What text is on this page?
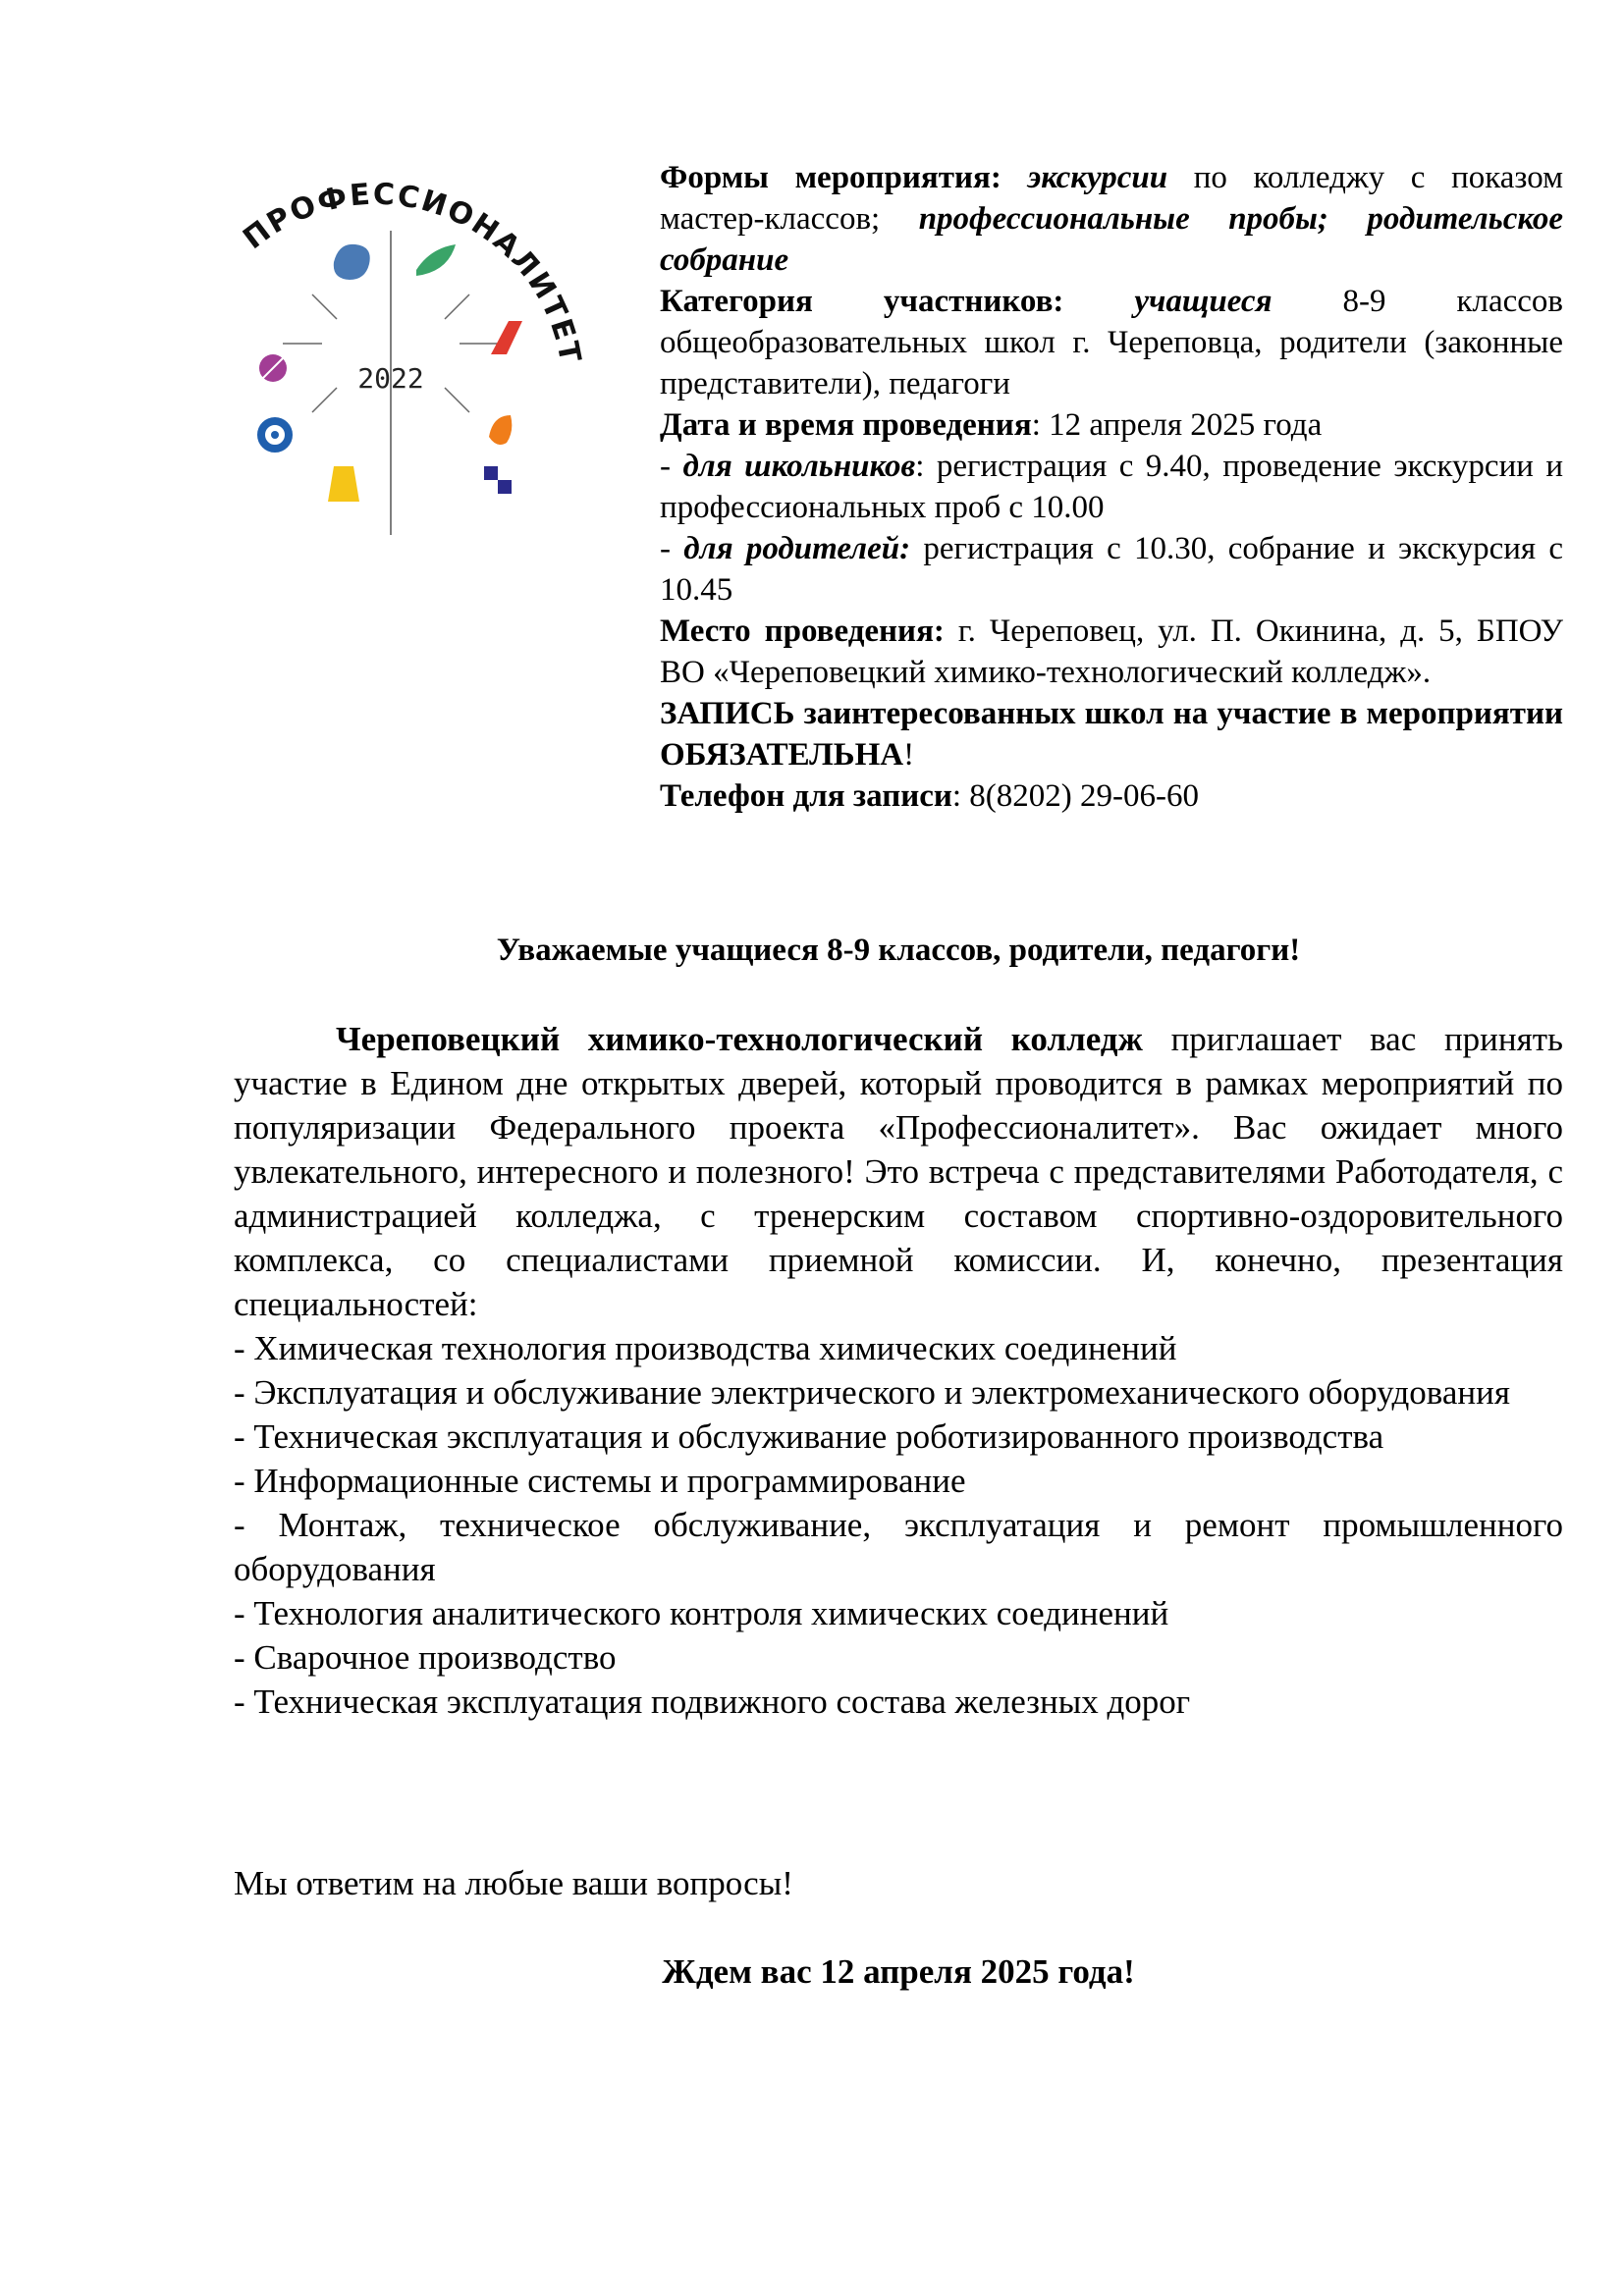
ПРОФЕССИОНАЛИТЕТ
2022

Формы мероприятия: экскурсии по колледжу с показом мастер-классов; профессиональные пробы; родительское собрание

Категория участников: учащиеся 8-9 классов общеобразовательных школ г. Череповца, родители (законные представители), педагоги

Дата и время проведения: 12 апреля 2025 года

- для школьников: регистрация с 9.40, проведение экскурсии и профессиональных проб с 10.00

- для родителей: регистрация с 10.30, собрание и экскурсия с 10.45

Место проведения: г. Череповец, ул. П. Окинина, д. 5, БПОУ ВО «Череповецкий химико-технологический колледж».

ЗАПИСЬ заинтересованных школ на участие в мероприятии ОБЯЗАТЕЛЬНА!

Телефон для записи: 8(8202) 29-06-60

Уважаемые учащиеся 8-9 классов, родители, педагоги!

Череповецкий химико-технологический колледж приглашает вас принять участие в Едином дне открытых дверей, который проводится в рамках мероприятий по популяризации Федерального проекта «Профессионалитет». Вас ожидает много увлекательного, интересного и полезного! Это встреча с представителями Работодателя, с администрацией колледжа, с тренерским составом спортивно-оздоровительного комплекса, со специалистами приемной комиссии. И, конечно, презентация специальностей:

- Химическая технология производства химических соединений
- Эксплуатация и обслуживание электрического и электромеханического оборудования
- Техническая эксплуатация и обслуживание роботизированного производства
- Информационные системы и программирование
- Монтаж, техническое обслуживание, эксплуатация и ремонт промышленного оборудования
- Технология аналитического контроля химических соединений
- Сварочное производство
- Техническая эксплуатация подвижного состава железных дорог
Мы ответим на любые ваши вопросы!
Ждем вас 12 апреля 2025 года!
